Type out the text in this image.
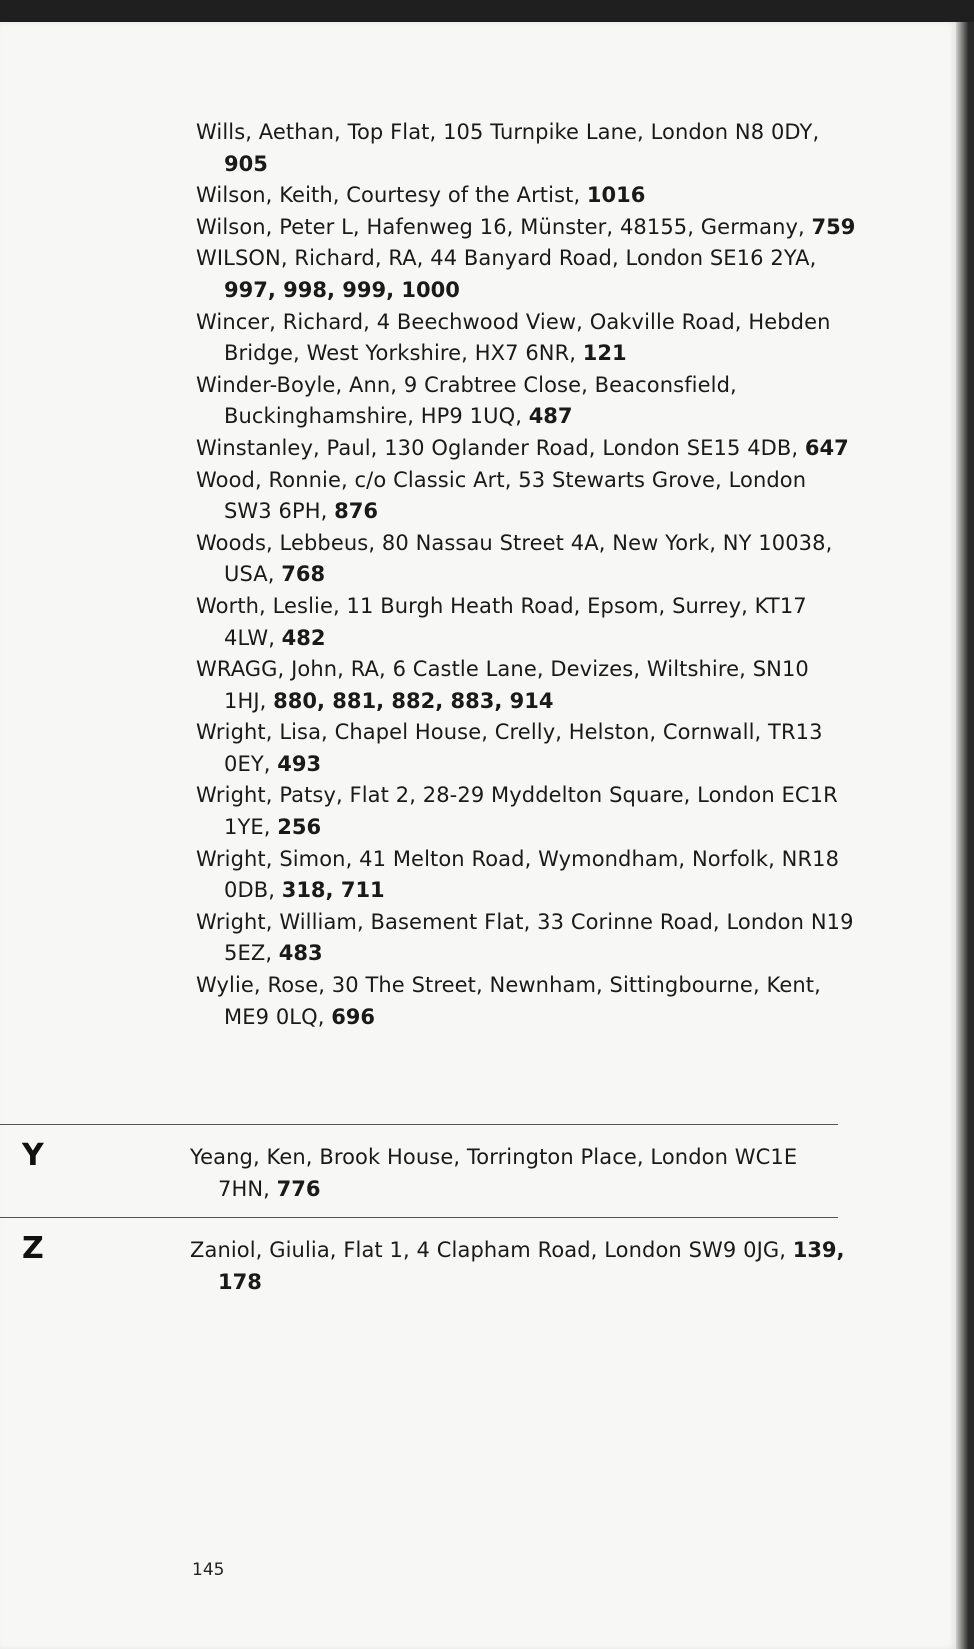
Wills, Aethan, Top Flat, 105 Turnpike Lane, London N8 0DY, 905

Wilson, Keith, Courtesy of the Artist, 1016

Wilson, Peter L, Hafenweg 16, Münster, 48155, Germany, 759

WILSON, Richard, RA, 44 Banyard Road, London SE16 2YA, 997, 998, 999, 1000

Wincer, Richard, 4 Beechwood View, Oakville Road, Hebden Bridge, West Yorkshire, HX7 6NR, 121

Winder-Boyle, Ann, 9 Crabtree Close, Beaconsfield, Buckinghamshire, HP9 1UQ, 487

Winstanley, Paul, 130 Oglander Road, London SE15 4DB, 647

Wood, Ronnie, c/o Classic Art, 53 Stewarts Grove, London SW3 6PH, 876

Woods, Lebbeus, 80 Nassau Street 4A, New York, NY 10038, USA, 768

Worth, Leslie, 11 Burgh Heath Road, Epsom, Surrey, KT17 4LW, 482

WRAGG, John, RA, 6 Castle Lane, Devizes, Wiltshire, SN10 1HJ, 880, 881, 882, 883, 914

Wright, Lisa, Chapel House, Crelly, Helston, Cornwall, TR13 0EY, 493

Wright, Patsy, Flat 2, 28-29 Myddelton Square, London EC1R 1YE, 256

Wright, Simon, 41 Melton Road, Wymondham, Norfolk, NR18 0DB, 318, 711

Wright, William, Basement Flat, 33 Corinne Road, London N19 5EZ, 483

Wylie, Rose, 30 The Street, Newnham, Sittingbourne, Kent, ME9 0LQ, 696

Y	Yeang, Ken, Brook House, Torrington Place, London WC1E 7HN, 776

Z	Zaniol, Giulia, Flat 1, 4 Clapham Road, London SW9 0JG, 139, 178

145
